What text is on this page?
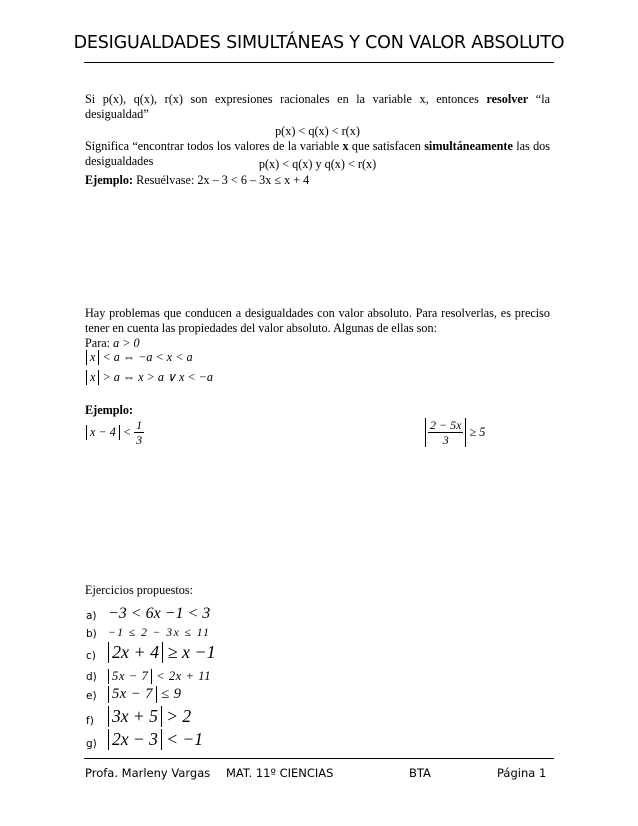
DESIGUALDADES SIMULTÁNEAS Y CON VALOR ABSOLUTO
Si p(x), q(x), r(x) son expresiones racionales en la variable x, entonces resolver “la desigualdad”
p(x) < q(x) < r(x)
Significa “encontrar todos los valores de la variable x que satisfacen simultáneamente las dos desigualdades	p(x) < q(x) y q(x) < r(x)
Ejemplo: Resuélvase: 2x – 3 < 6 – 3x ≤ x + 4
Hay problemas que conducen a desigualdades con valor absoluto. Para resolverlas, es preciso tener en cuenta las propiedades del valor absoluto. Algunas de ellas son:
Para: a > 0
x < a ⇔ −a < x < a
x > a ⇔ x > a ∨ x < −a
Ejemplo:
$x - 4 < \frac{1}{3}$	$\frac{2 - 5x}{3} \ge 5$
Ejercicios propuestos:
a) −3 < 6x −1 < 3
b) −1 ≤ 2 − 3x ≤ 11
c) 2x + 4 ≥ x −1
d)	5x − 7 < 2x + 11
e) 5x − 7 ≤ 9
f) 3x + 5 > 2
g) 2x − 3 < −1
Profa. Marleny Vargas MAT. 11º CIENCIAS	BTA	Página 1
